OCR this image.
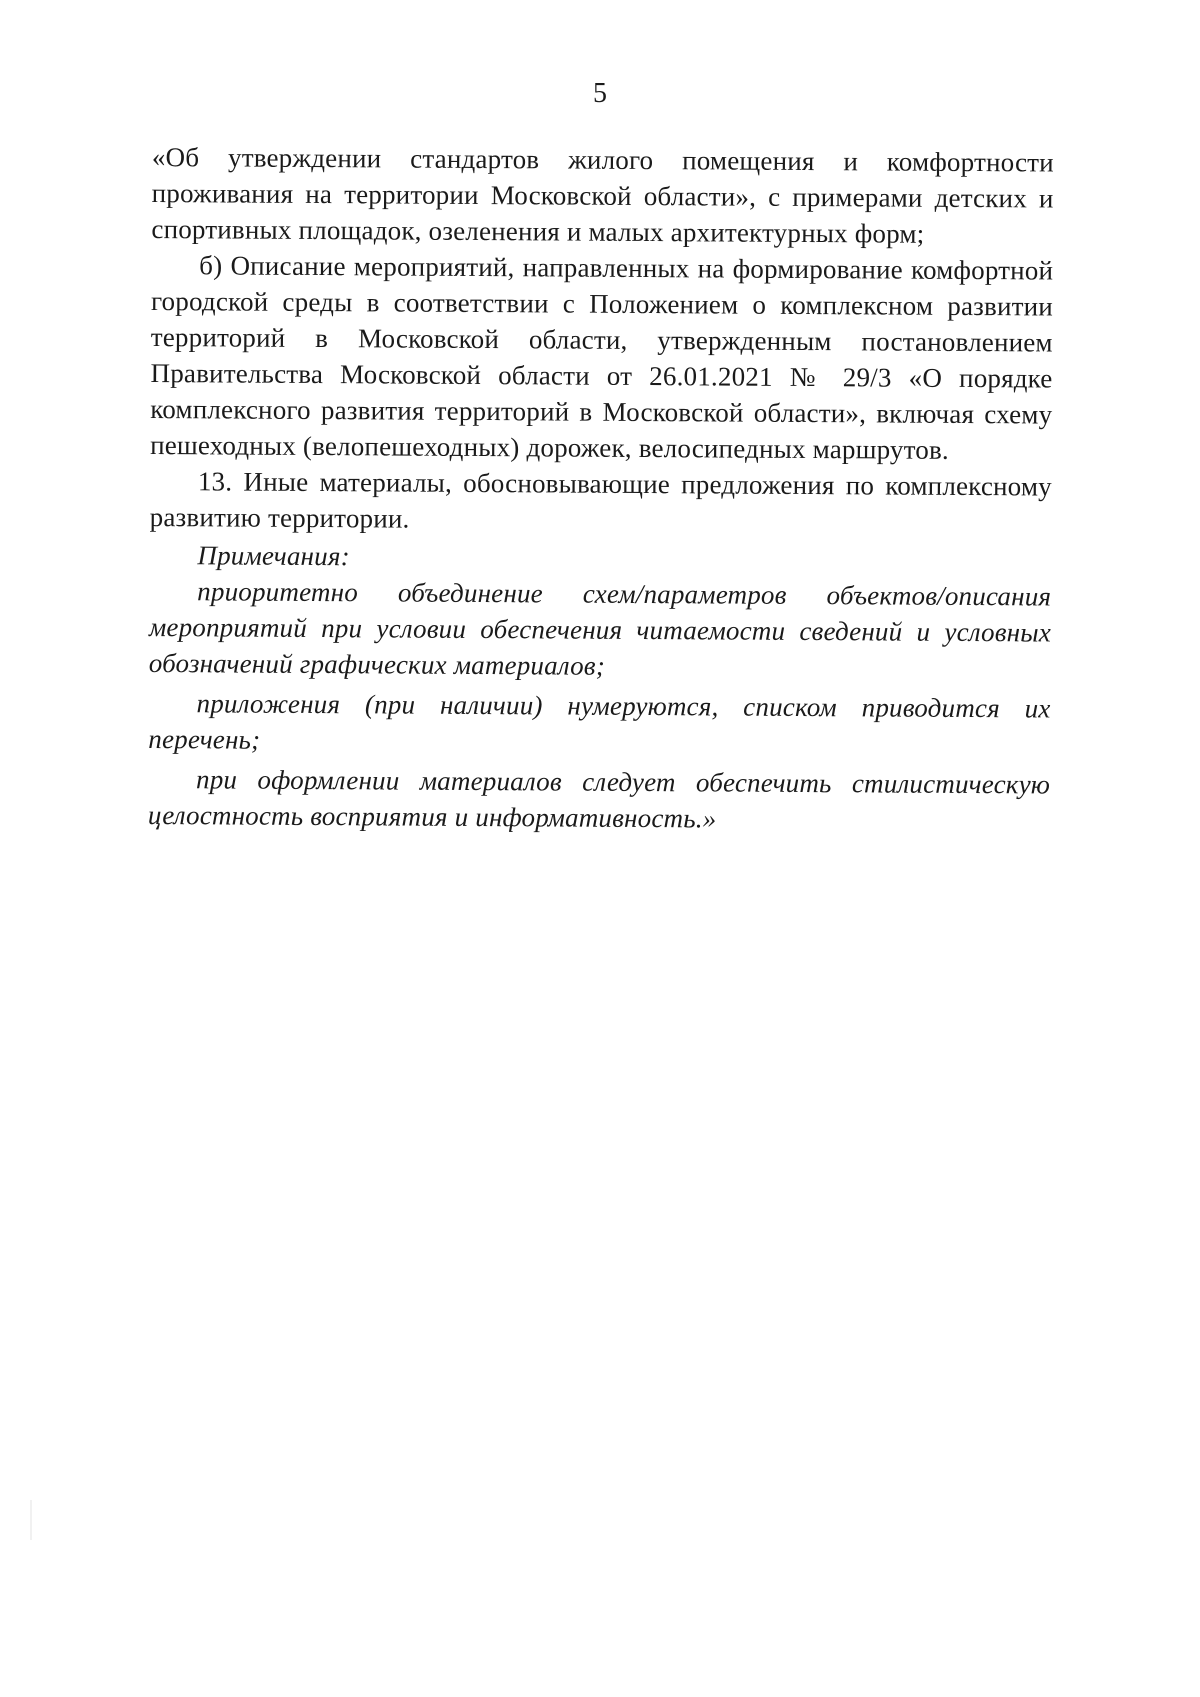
5

«Об утверждении стандартов жилого помещения и комфортности проживания на территории Московской области», с примерами детских и спортивных площадок, озеленения и малых архитектурных форм;

б) Описание мероприятий, направленных на формирование комфортной городской среды в соответствии с Положением о комплексном развитии территорий в Московской области, утвержденным постановлением Правительства Московской области от 26.01.2021 № 29/3 «О порядке комплексного развития территорий в Московской области», включая схему пешеходных (велопешеходных) дорожек, велосипедных маршрутов.

13. Иные материалы, обосновывающие предложения по комплексному развитию территории.

Примечания:

приоритетно объединение схем/параметров объектов/описания мероприятий при условии обеспечения читаемости сведений и условных обозначений графических материалов;

приложения (при наличии) нумеруются, списком приводится их перечень;

при оформлении материалов следует обеспечить стилистическую целостность восприятия и информативность.»
